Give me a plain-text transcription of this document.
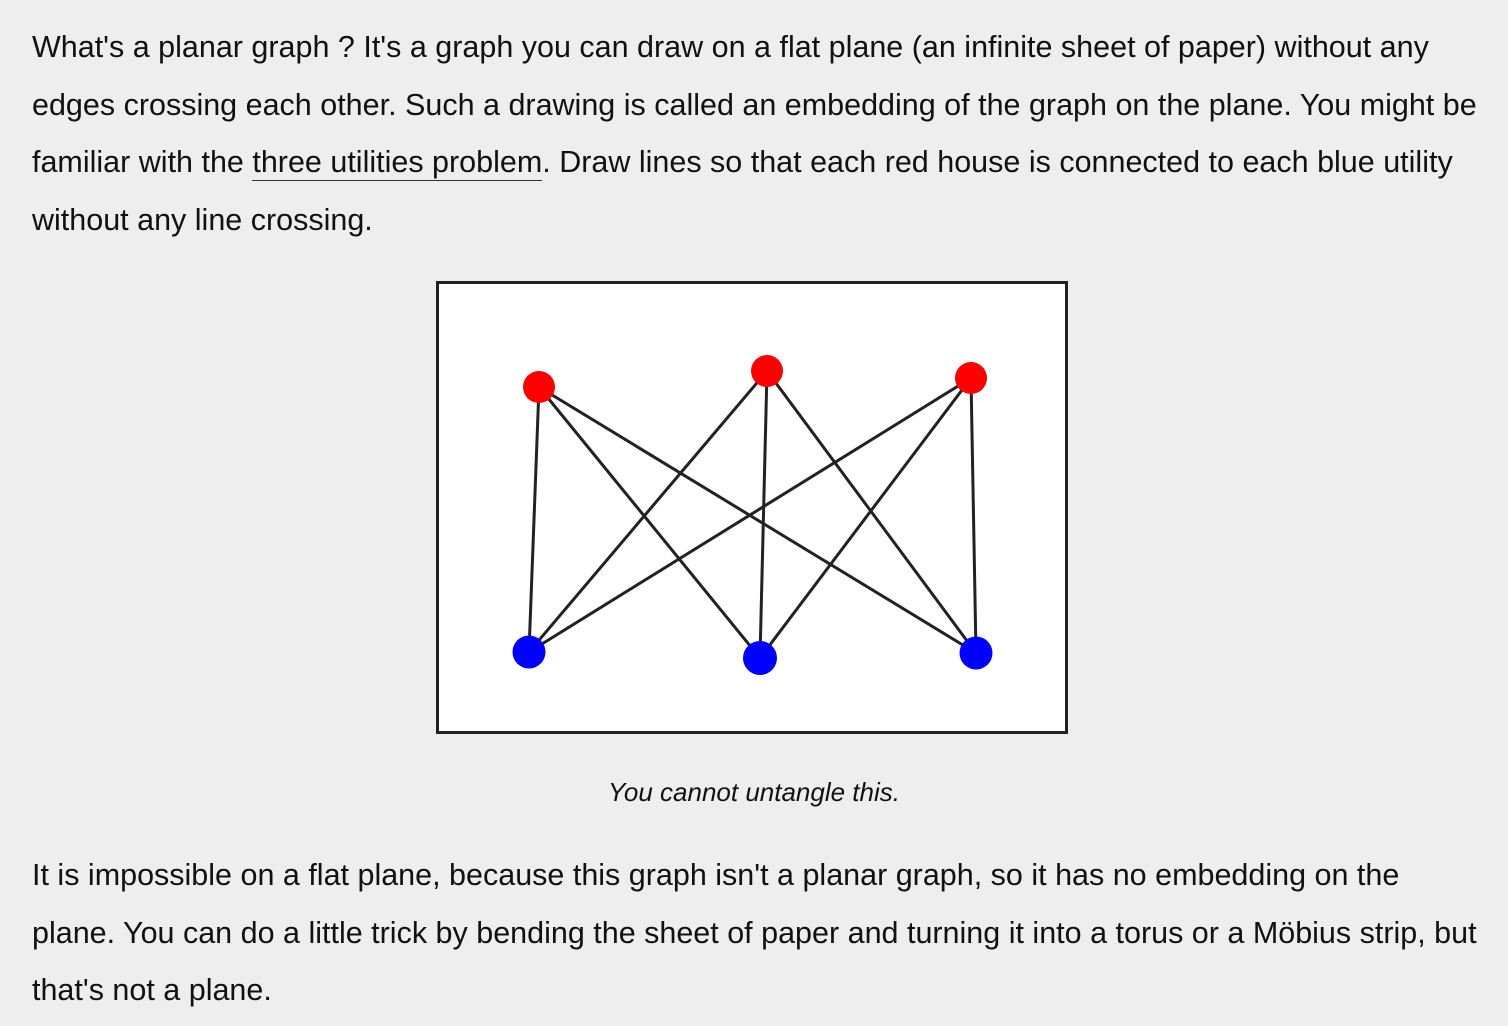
What's a planar graph ? It's a graph you can draw on a flat plane (an infinite sheet of paper) without any edges crossing each other. Such a drawing is called an embedding of the graph on the plane. You might be familiar with the three utilities problem. Draw lines so that each red house is connected to each blue utility without any line crossing.

You cannot untangle this.

It is impossible on a flat plane, because this graph isn't a planar graph, so it has no embedding on the plane. You can do a little trick by bending the sheet of paper and turning it into a torus or a Möbius strip, but that's not a plane.
